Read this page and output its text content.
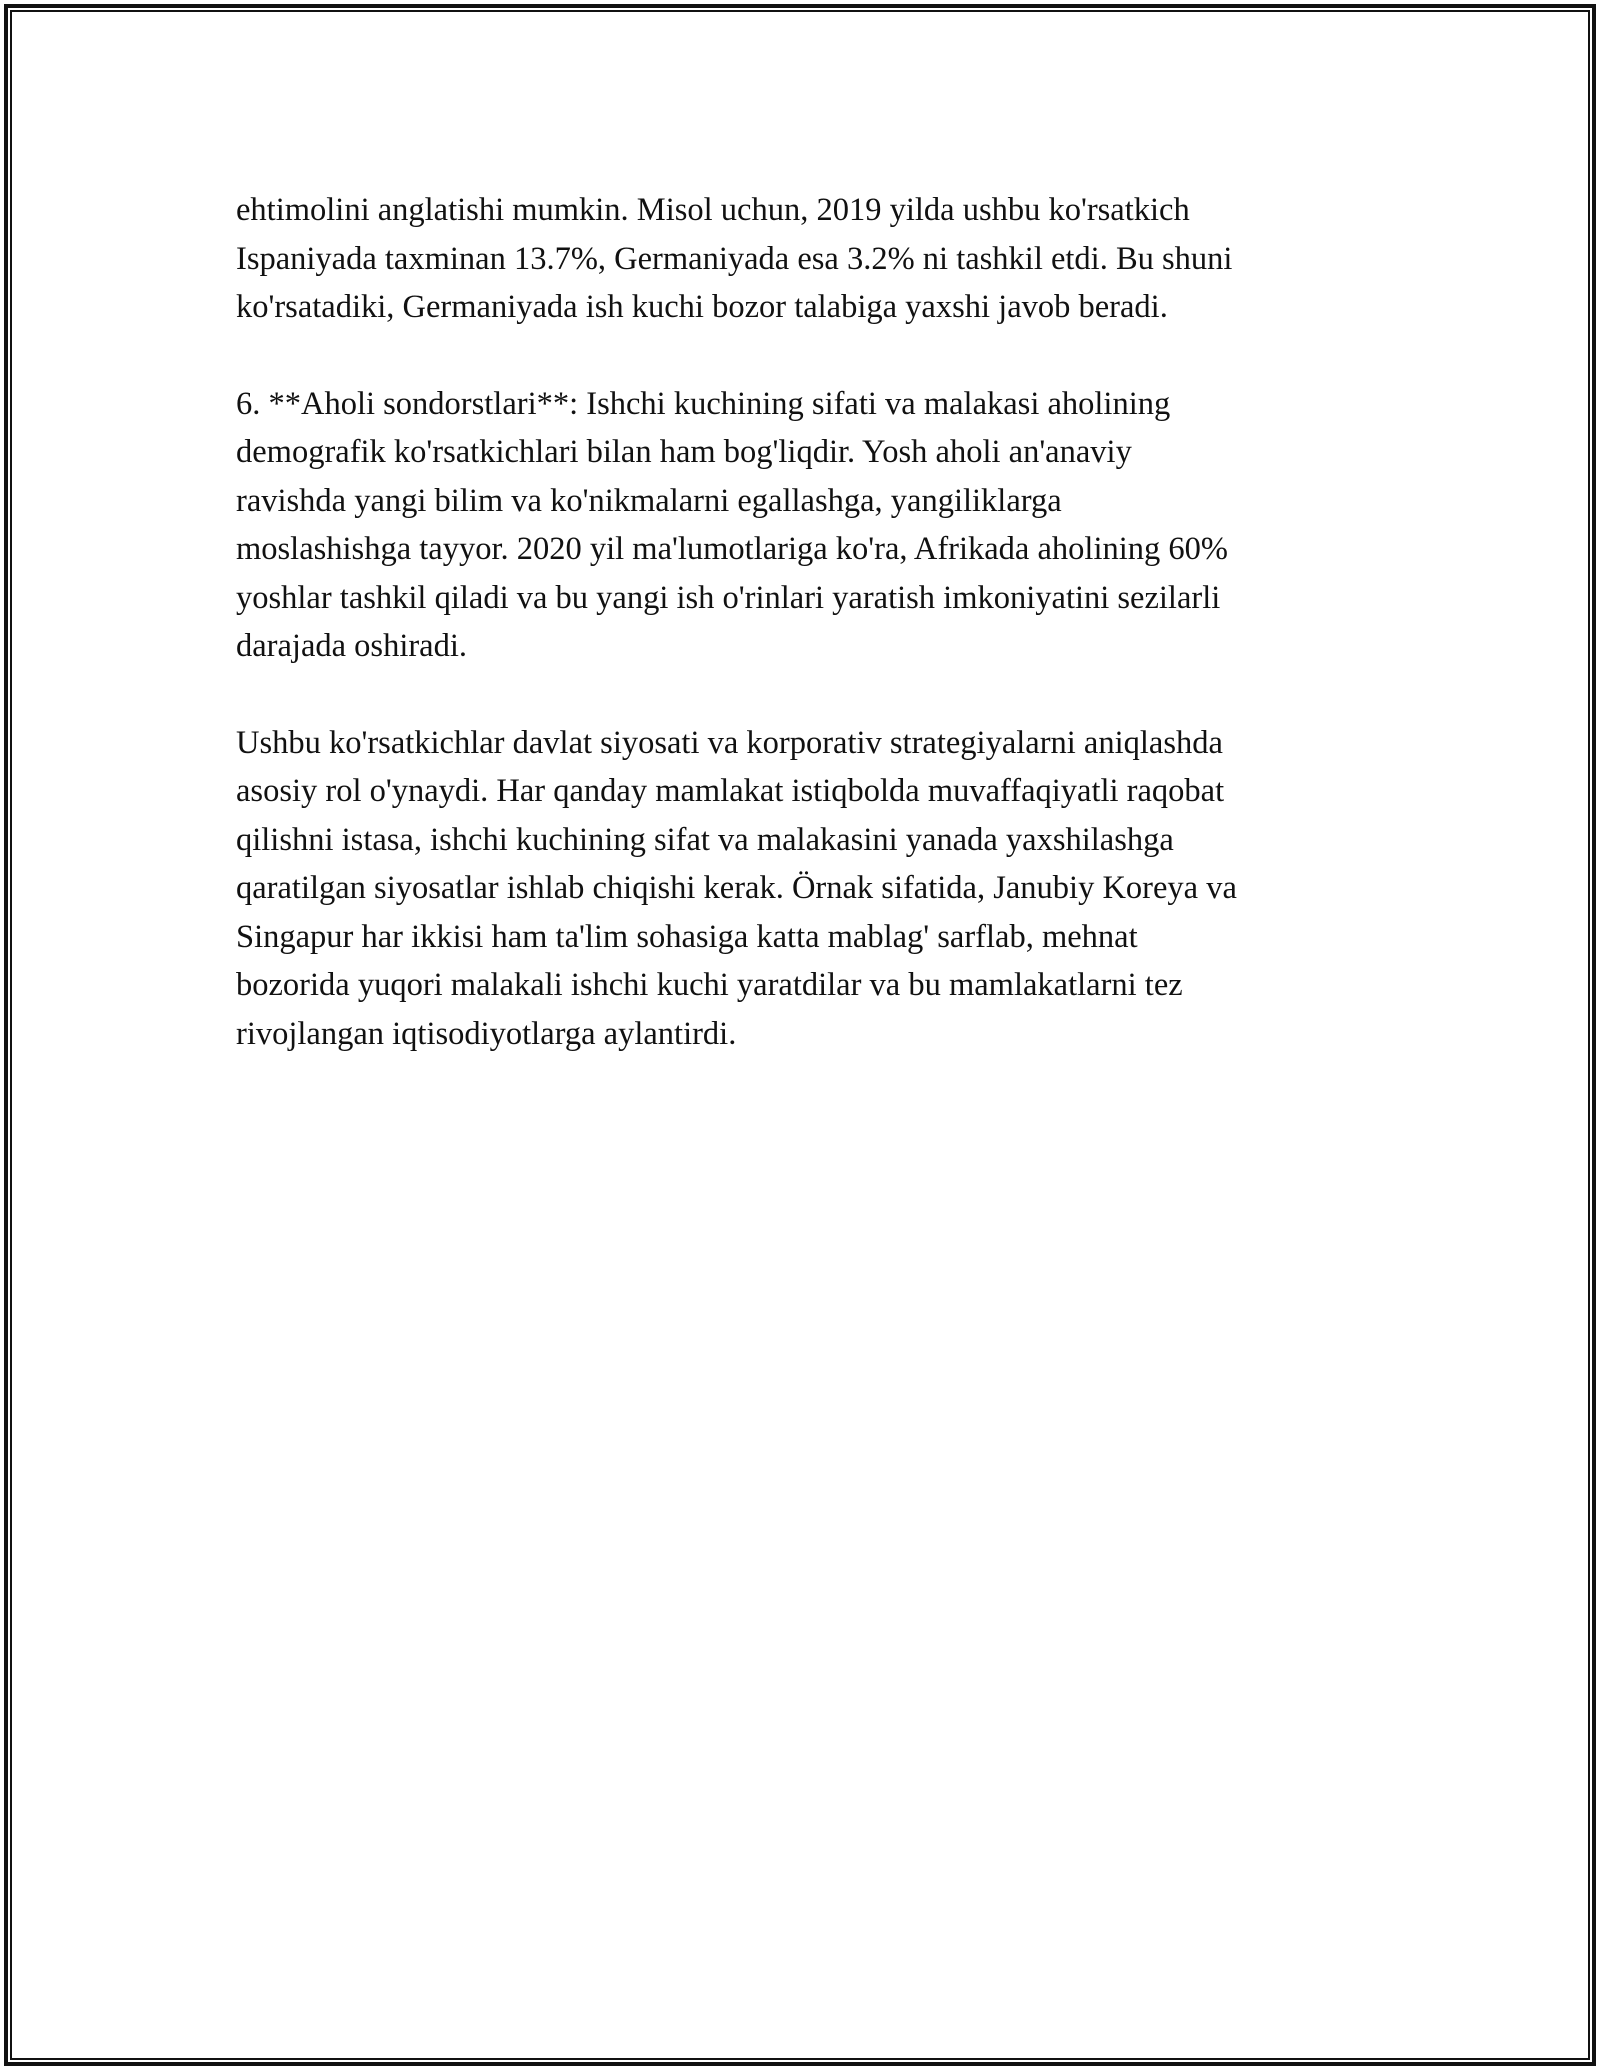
ehtimolini anglatishi mumkin. Misol uchun, 2019 yilda ushbu ko'rsatkich
Ispaniyada taxminan 13.7%, Germaniyada esa 3.2% ni tashkil etdi. Bu shuni
ko'rsatadiki, Germaniyada ish kuchi bozor talabiga yaxshi javob beradi.

6. **Aholi sondorstlari**: Ishchi kuchining sifati va malakasi aholining
demografik ko'rsatkichlari bilan ham bog'liqdir. Yosh aholi an'anaviy
ravishda yangi bilim va ko'nikmalarni egallashga, yangiliklarga
moslashishga tayyor. 2020 yil ma'lumotlariga ko'ra, Afrikada aholining 60%
yoshlar tashkil qiladi va bu yangi ish o'rinlari yaratish imkoniyatini sezilarli
darajada oshiradi.

Ushbu ko'rsatkichlar davlat siyosati va korporativ strategiyalarni aniqlashda
asosiy rol o'ynaydi. Har qanday mamlakat istiqbolda muvaffaqiyatli raqobat
qilishni istasa, ishchi kuchining sifat va malakasini yanada yaxshilashga
qaratilgan siyosatlar ishlab chiqishi kerak. Örnak sifatida, Janubiy Koreya va
Singapur har ikkisi ham ta'lim sohasiga katta mablag' sarflab, mehnat
bozorida yuqori malakali ishchi kuchi yaratdilar va bu mamlakatlarni tez
rivojlangan iqtisodiyotlarga aylantirdi.
